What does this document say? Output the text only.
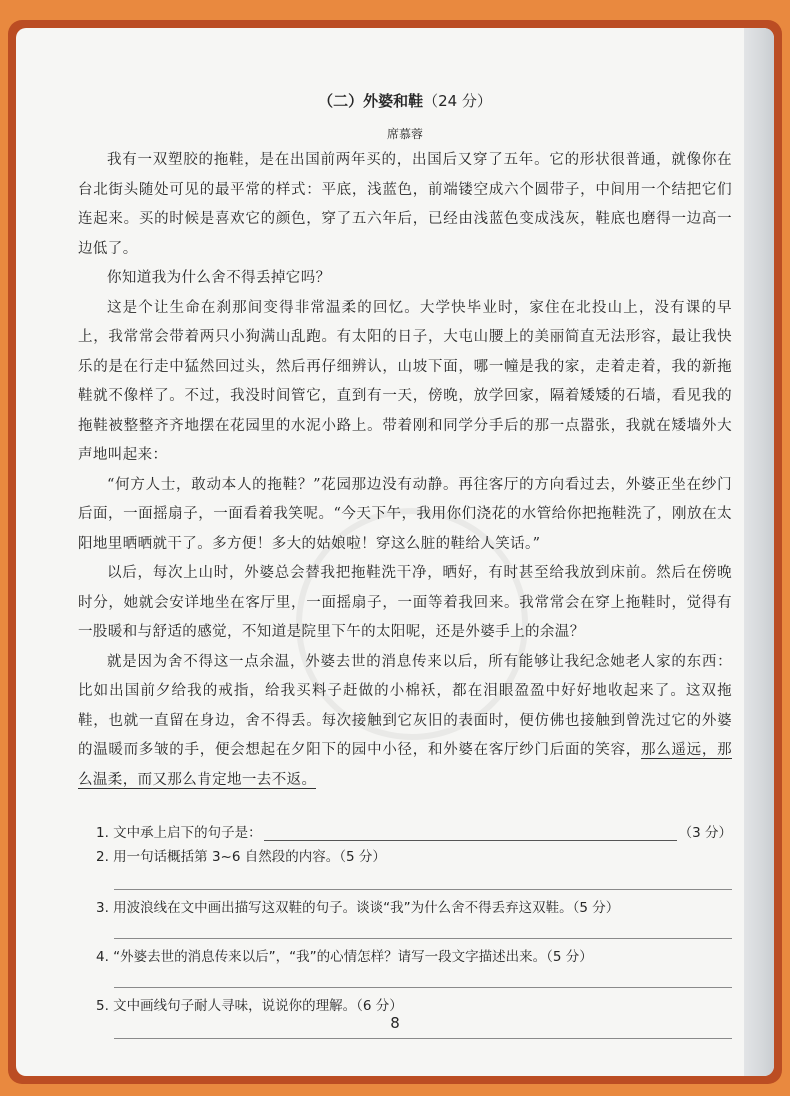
（二）外婆和鞋（24 分）
席慕蓉

我有一双塑胶的拖鞋，是在出国前两年买的，出国后又穿了五年。它的形状很普通，就像你在台北街头随处可见的最平常的样式：平底，浅蓝色，前端镂空成六个圆带子，中间用一个结把它们连起来。买的时候是喜欢它的颜色，穿了五六年后，已经由浅蓝色变成浅灰，鞋底也磨得一边高一边低了。

你知道我为什么舍不得丢掉它吗？

这是个让生命在刹那间变得非常温柔的回忆。大学快毕业时，家住在北投山上，没有课的早上，我常常会带着两只小狗满山乱跑。有太阳的日子，大屯山腰上的美丽简直无法形容，最让我快乐的是在行走中猛然回过头，然后再仔细辨认，山坡下面，哪一幢是我的家，走着走着，我的新拖鞋就不像样了。不过，我没时间管它，直到有一天，傍晚，放学回家，隔着矮矮的石墙，看见我的拖鞋被整整齐齐地摆在花园里的水泥小路上。带着刚和同学分手后的那一点嚣张，我就在矮墙外大声地叫起来：

“何方人士，敢动本人的拖鞋？”花园那边没有动静。再往客厅的方向看过去，外婆正坐在纱门后面，一面摇扇子，一面看着我笑呢。“今天下午，我用你们浇花的水管给你把拖鞋洗了，刚放在太阳地里晒晒就干了。多方便！多大的姑娘啦！穿这么脏的鞋给人笑话。”

以后，每次上山时，外婆总会替我把拖鞋洗干净，晒好，有时甚至给我放到床前。然后在傍晚时分，她就会安详地坐在客厅里，一面摇扇子，一面等着我回来。我常常会在穿上拖鞋时，觉得有一股暖和与舒适的感觉，不知道是院里下午的太阳呢，还是外婆手上的余温？

就是因为舍不得这一点余温，外婆去世的消息传来以后，所有能够让我纪念她老人家的东西：比如出国前夕给我的戒指，给我买料子赶做的小棉袄，都在泪眼盈盈中好好地收起来了。这双拖鞋，也就一直留在身边，舍不得丢。每次接触到它灰旧的表面时，便仿佛也接触到曾洗过它的外婆的温暖而多皱的手，便会想起在夕阳下的园中小径，和外婆在客厅纱门后面的笑容，那么遥远，那么温柔，而又那么肯定地一去不返。

1. 文中承上启下的句子是：	（3 分）
2. 用一句话概括第 3~6 自然段的内容。（5 分）
3. 用波浪线在文中画出描写这双鞋的句子。谈谈“我”为什么舍不得丢弃这双鞋。（5 分）
4. “外婆去世的消息传来以后”，“我”的心情怎样？请写一段文字描述出来。（5 分）
5. 文中画线句子耐人寻味，说说你的理解。（6 分）
8
